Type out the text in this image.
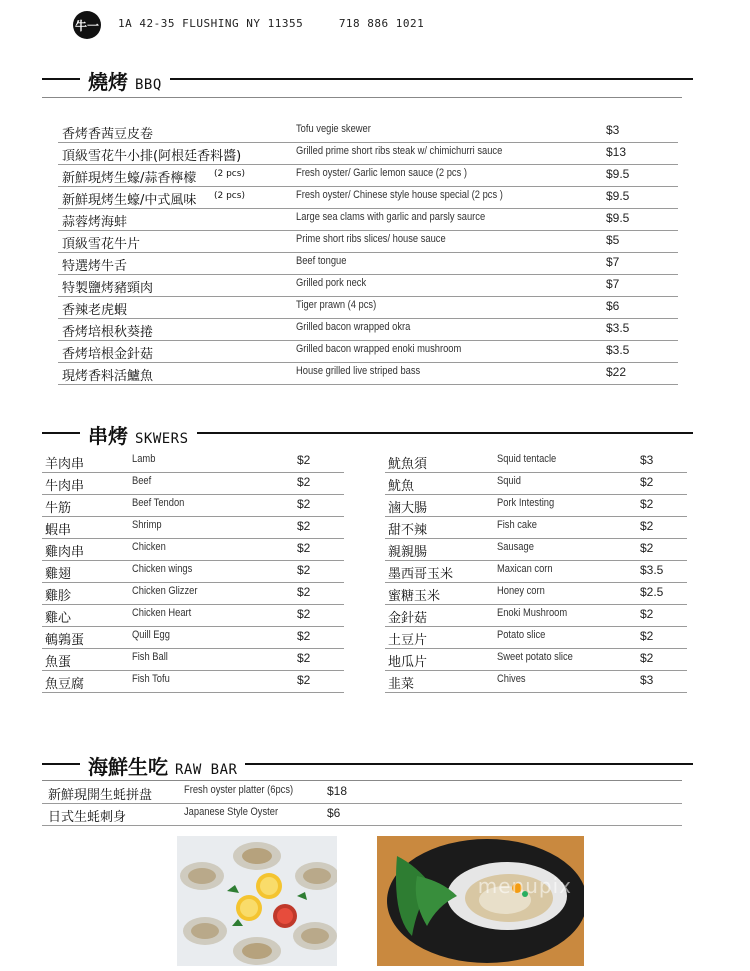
牛一 1A 42-35 FLUSHING NY 11355	718 886 1021
燒烤 BBQ
香烤香茜豆皮卷	Tofu vegie skewer	$3
頂級雪花牛小排(阿根廷香料醬)	Grilled prime short ribs steak w/ chimichurri sauce	$13
新鮮現烤生蠔/蒜香檸檬 (2 pcs)	Fresh oyster/ Garlic lemon sauce (2 pcs )	$9.5
新鮮現烤生蠔/中式風味 (2 pcs)	Fresh oyster/ Chinese style house special (2 pcs )	$9.5
蒜蓉烤海蚌	Large sea clams with garlic and parsly saurce	$9.5
頂級雪花牛片	Prime short ribs slices/ house sauce	$5
特選烤牛舌	Beef tongue	$7
特製鹽烤豬頸肉	Grilled pork neck	$7
香辣老虎蝦	Tiger prawn (4 pcs)	$6
香烤培根秋葵捲	Grilled bacon wrapped okra	$3.5
香烤培根金針菇	Grilled bacon wrapped enoki mushroom	$3.5
現烤香料活鱸魚	House grilled live striped bass	$22
串烤 SKWERS
羊肉串	Lamb	$2
牛肉串	Beef	$2
牛筋	Beef Tendon	$2
蝦串	Shrimp	$2
雞肉串	Chicken	$2
雞翅	Chicken wings	$2
雞胗	Chicken Glizzer	$2
雞心	Chicken Heart	$2
鵪鶉蛋	Quill Egg	$2
魚蛋	Fish Ball	$2
魚豆腐	Fish Tofu	$2
魷魚須	Squid tentacle	$3
魷魚	Squid	$2
滷大腸	Pork Intesting	$2
甜不辣	Fish cake	$2
親親腸	Sausage	$2
墨西哥玉米	Maxican corn	$3.5
蜜糖玉米	Honey corn	$2.5
金針菇	Enoki Mushroom	$2
土豆片	Potato slice	$2
地瓜片	Sweet potato slice	$2
韭菜	Chives	$3
海鮮生吃 RAW BAR
新鮮現開生蚝拼盘	Fresh oyster platter (6pcs)	$18
日式生蚝刺身	Japanese Style Oyster	$6
menupix
